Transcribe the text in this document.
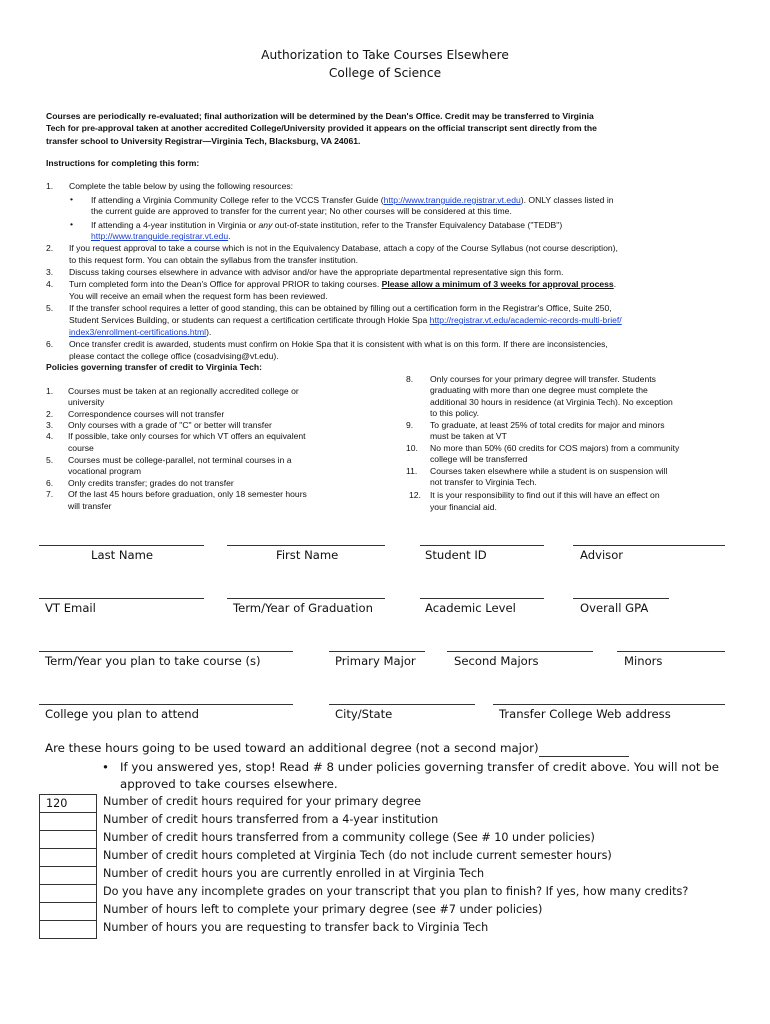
Authorization to Take Courses Elsewhere
College of Science
Courses are periodically re-evaluated; final authorization will be determined by the Dean's Office. Credit may be transferred to Virginia
Tech for pre-approval taken at another accredited College/University provided it appears on the official transcript sent directly from the
transfer school to University Registrar—Virginia Tech, Blacksburg, VA 24061.
Instructions for completing this form:
1. Complete the table below by using the following resources:
• If attending a Virginia Community College refer to the VCCS Transfer Guide (http://www.tranguide.registrar.vt.edu). ONLY classes listed in
the current guide are approved to transfer for the current year; No other courses will be considered at this time.
• If attending a 4-year institution in Virginia or any out-of-state institution, refer to the Transfer Equivalency Database ("TEDB")
http://www.tranguide.registrar.vt.edu.
2. If you request approval to take a course which is not in the Equivalency Database, attach a copy of the Course Syllabus (not course description),
to this request form. You can obtain the syllabus from the transfer institution.
3. Discuss taking courses elsewhere in advance with advisor and/or have the appropriate departmental representative sign this form.
4. Turn completed form into the Dean's Office for approval PRIOR to taking courses. Please allow a minimum of 3 weeks for approval process.
You will receive an email when the request form has been reviewed.
5. If the transfer school requires a letter of good standing, this can be obtained by filling out a certification form in the Registrar's Office, Suite 250,
Student Services Building, or students can request a certification certificate through Hokie Spa http://registrar.vt.edu/academic-records-multi-brief/
index3/enrollment-certifications.html).
6. Once transfer credit is awarded, students must confirm on Hokie Spa that it is consistent with what is on this form. If there are inconsistencies,
please contact the college office (cosadvising@vt.edu).
Policies governing transfer of credit to Virginia Tech:
1. Courses must be taken at an regionally accredited college or
university
2. Correspondence courses will not transfer
3. Only courses with a grade of "C" or better will transfer
4. If possible, take only courses for which VT offers an equivalent
course
5. Courses must be college-parallel, not terminal courses in a
vocational program
6. Only credits transfer; grades do not transfer
7. Of the last 45 hours before graduation, only 18 semester hours
will transfer
8. Only courses for your primary degree will transfer. Students
graduating with more than one degree must complete the
additional 30 hours in residence (at Virginia Tech). No exception
to this policy.
9. To graduate, at least 25% of total credits for major and minors
must be taken at VT
10. No more than 50% (60 credits for COS majors) from a community
college will be transferred
11. Courses taken elsewhere while a student is on suspension will
not transfer to Virginia Tech.
12. It is your responsibility to find out if this will have an effect on
your financial aid.
Last Name	First Name	Student ID	Advisor
VT Email	Term/Year of Graduation	Academic Level	Overall GPA
Term/Year you plan to take course (s)	Primary Major	Second Majors	Minors
College you plan to attend	City/State	Transfer College Web address
Are these hours going to be used toward an additional degree (not a second major)
• If you answered yes, stop! Read # 8 under policies governing transfer of credit above. You will not be
approved to take courses elsewhere.
120	Number of credit hours required for your primary degree
Number of credit hours transferred from a 4-year institution
Number of credit hours transferred from a community college (See # 10 under policies)
Number of credit hours completed at Virginia Tech (do not include current semester hours)
Number of credit hours you are currently enrolled in at Virginia Tech
Do you have any incomplete grades on your transcript that you plan to finish? If yes, how many credits?
Number of hours left to complete your primary degree (see #7 under policies)
Number of hours you are requesting to transfer back to Virginia Tech
